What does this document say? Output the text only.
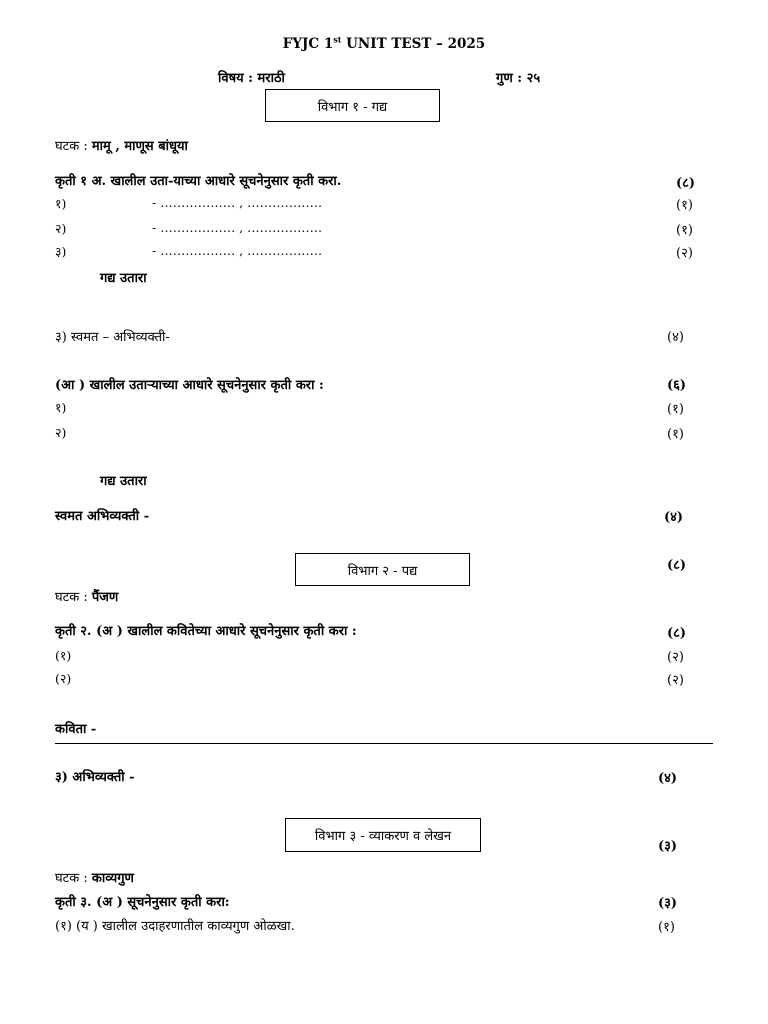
FYJC 1st UNIT TEST – 2025
विषय : मराठी	गुण : २५
विभाग १ - गद्य
घटक : मामू , माणूस बांधूया
कृती १ अ. खालील उता-याच्या आधारे सूचनेनुसार कृती करा.	(८)
१)	- ……………… , ………………	(१)
२)	- ……………… , ………………	(१)
३)	- ……………… , ………………	(२)
गद्य उतारा
३) स्वमत – अभिव्यक्ती-	(४)
(आ ) खालील उताऱ्याच्या आधारे सूचनेनुसार कृती करा :	(६)
१)	(१)
२)	(१)
गद्य उतारा
स्वमत अभिव्यक्ती -	(४)
विभाग २ - पद्य	(८)
घटक : पैंजण
कृती २. (अ ) खालील कवितेच्या आधारे सूचनेनुसार कृती करा :	(८)
(१)	(२)
(२)	(२)
कविता -
३) अभिव्यक्ती -	(४)
विभाग ३ - व्याकरण व लेखन
(३)
घटक : काव्यगुण
कृती ३. (अ ) सूचनेनुसार कृती करा:	(३)
(१) (य ) खालील उदाहरणातील काव्यगुण ओळखा.	(१)
